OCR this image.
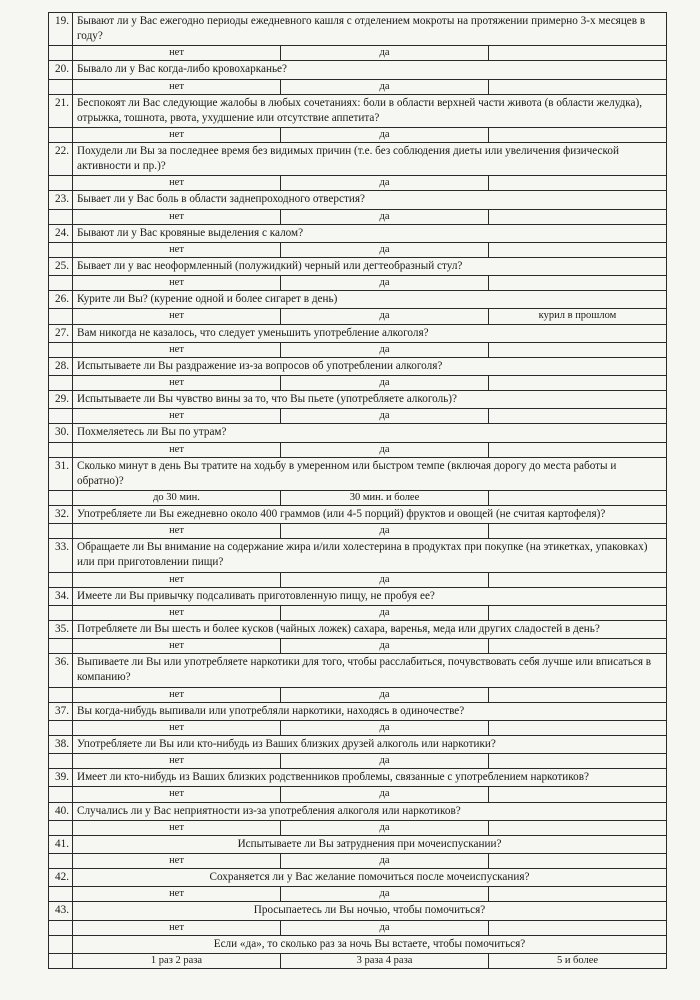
19.	Бывают ли у Вас ежегодно периоды ежедневного кашля с отделением мокроты на протяжении примерно 3-х месяцев в году?		
	нет	да	
20.	Бывало ли у Вас когда-либо кровохарканье?		
	нет	да	
21.	Беспокоят ли Вас следующие жалобы в любых сочетаниях: боли в области верхней части живота (в области желудка), отрыжка, тошнота, рвота, ухудшение или отсутствие аппетита?		
	нет	да	
22.	Похудели ли Вы за последнее время без видимых причин (т.е. без соблюдения диеты или увеличения физической активности и пр.)?		
	нет	да	
23.	Бывает ли у Вас боль в области заднепроходного отверстия?		
	нет	да	
24.	Бывают ли у Вас кровяные выделения с калом?		
	нет	да	
25.	Бывает ли у вас неоформленный (полужидкий) черный или дегтеобразный стул?		
	нет	да	
26.	Курите ли Вы? (курение одной и более сигарет в день)		
	нет	да	курил в прошлом
27.	Вам никогда не казалось, что следует уменьшить употребление алкоголя?		
	нет	да	
28.	Испытываете ли Вы раздражение из-за вопросов об употреблении алкоголя?		
	нет	да	
29.	Испытываете ли Вы чувство вины за то, что Вы пьете (употребляете алкоголь)?		
	нет	да	
30.	Похмеляетесь ли Вы по утрам?		
	нет	да	
31.	Сколько минут в день Вы тратите на ходьбу в умеренном или быстром темпе (включая дорогу до места работы и обратно)?		
	до 30 мин.	30 мин. и более	
32.	Употребляете ли Вы ежедневно около 400 граммов (или 4-5 порций) фруктов и овощей (не считая картофеля)?		
	нет	да	
33.	Обращаете ли Вы внимание на содержание жира и/или холестерина в продуктах при покупке (на этикетках, упаковках) или при приготовлении пищи?		
	нет	да	
34.	Имеете ли Вы привычку подсаливать приготовленную пищу, не пробуя ее?		
	нет	да	
35.	Потребляете ли Вы шесть и более кусков (чайных ложек) сахара, варенья, меда или других сладостей в день?		
	нет	да	
36.	Выпиваете ли Вы или употребляете наркотики для того, чтобы расслабиться, почувствовать себя лучше или вписаться в компанию?		
	нет	да	
37.	Вы когда-нибудь выпивали или употребляли наркотики, находясь в одиночестве?		
	нет	да	
38.	Употребляете ли Вы или кто-нибудь из Ваших близких друзей алкоголь или наркотики?		
	нет	да	
39.	Имеет ли кто-нибудь из Ваших близких родственников проблемы, связанные с употреблением наркотиков?		
	нет	да	
40.	Случались ли у Вас неприятности из-за употребления алкоголя или наркотиков?		
	нет	да	
41.	Испытываете ли Вы затруднения при мочеиспускании?		
	нет	да	
42.	Сохраняется ли у Вас желание помочиться после мочеиспускания?		
	нет	да	
43.	Просыпаетесь ли Вы ночью, чтобы помочиться?		
	нет	да	
	Если «да», то сколько раз за ночь Вы встаете, чтобы помочиться?		
	1 раз 2 раза	3 раза 4 раза	5 и более
